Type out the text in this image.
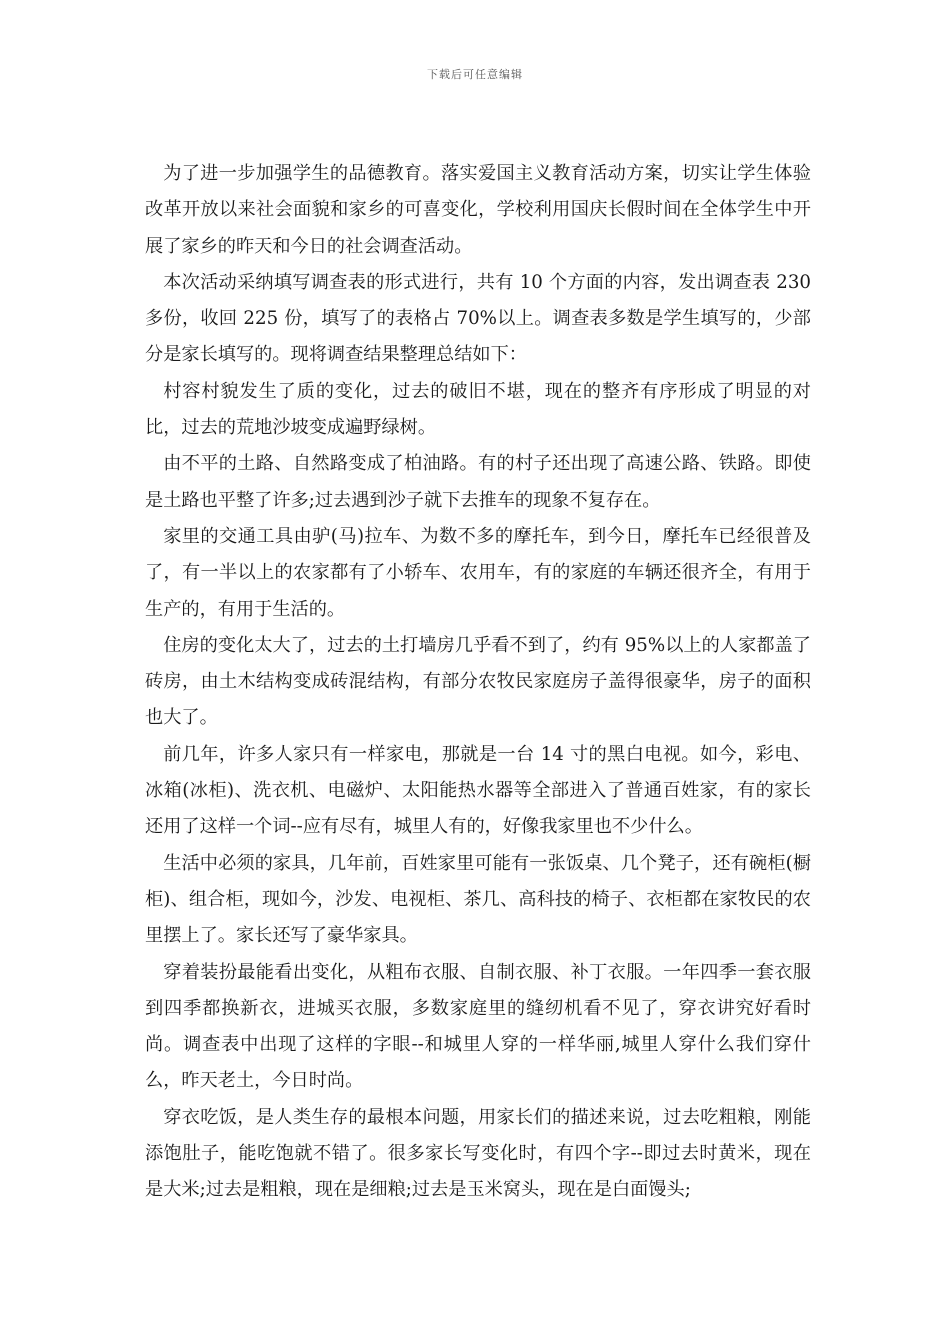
下载后可任意编辑

为了进一步加强学生的品德教育。落实爱国主义教育活动方案，切实让学生体验改革开放以来社会面貌和家乡的可喜变化，学校利用国庆长假时间在全体学生中开展了家乡的昨天和今日的社会调查活动。

本次活动采纳填写调查表的形式进行，共有 10 个方面的内容，发出调查表 230 多份，收回 225 份，填写了的表格占 70%以上。调查表多数是学生填写的，少部分是家长填写的。现将调查结果整理总结如下：

村容村貌发生了质的变化，过去的破旧不堪，现在的整齐有序形成了明显的对比，过去的荒地沙坡变成遍野绿树。

由不平的土路、自然路变成了柏油路。有的村子还出现了高速公路、铁路。即使是土路也平整了许多;过去遇到沙子就下去推车的现象不复存在。

家里的交通工具由驴(马)拉车、为数不多的摩托车，到今日，摩托车已经很普及了，有一半以上的农家都有了小轿车、农用车，有的家庭的车辆还很齐全，有用于生产的，有用于生活的。

住房的变化太大了，过去的土打墙房几乎看不到了，约有 95%以上的人家都盖了砖房，由土木结构变成砖混结构，有部分农牧民家庭房子盖得很豪华，房子的面积也大了。

前几年，许多人家只有一样家电，那就是一台 14 寸的黑白电视。如今，彩电、冰箱(冰柜)、洗衣机、电磁炉、太阳能热水器等全部进入了普通百姓家，有的家长还用了这样一个词--应有尽有，城里人有的，好像我家里也不少什么。

生活中必须的家具，几年前，百姓家里可能有一张饭桌、几个凳子，还有碗柜(橱柜)、组合柜，现如今，沙发、电视柜、茶几、高科技的椅子、衣柜都在家牧民的农里摆上了。家长还写了豪华家具。

穿着装扮最能看出变化，从粗布衣服、自制衣服、补丁衣服。一年四季一套衣服到四季都换新衣，进城买衣服，多数家庭里的缝纫机看不见了，穿衣讲究好看时尚。调查表中出现了这样的字眼--和城里人穿的一样华丽,城里人穿什么我们穿什么，昨天老土，今日时尚。

穿衣吃饭，是人类生存的最根本问题，用家长们的描述来说，过去吃粗粮，刚能添饱肚子，能吃饱就不错了。很多家长写变化时，有四个字--即过去时黄米，现在是大米;过去是粗粮，现在是细粮;过去是玉米窝头，现在是白面馒头;
